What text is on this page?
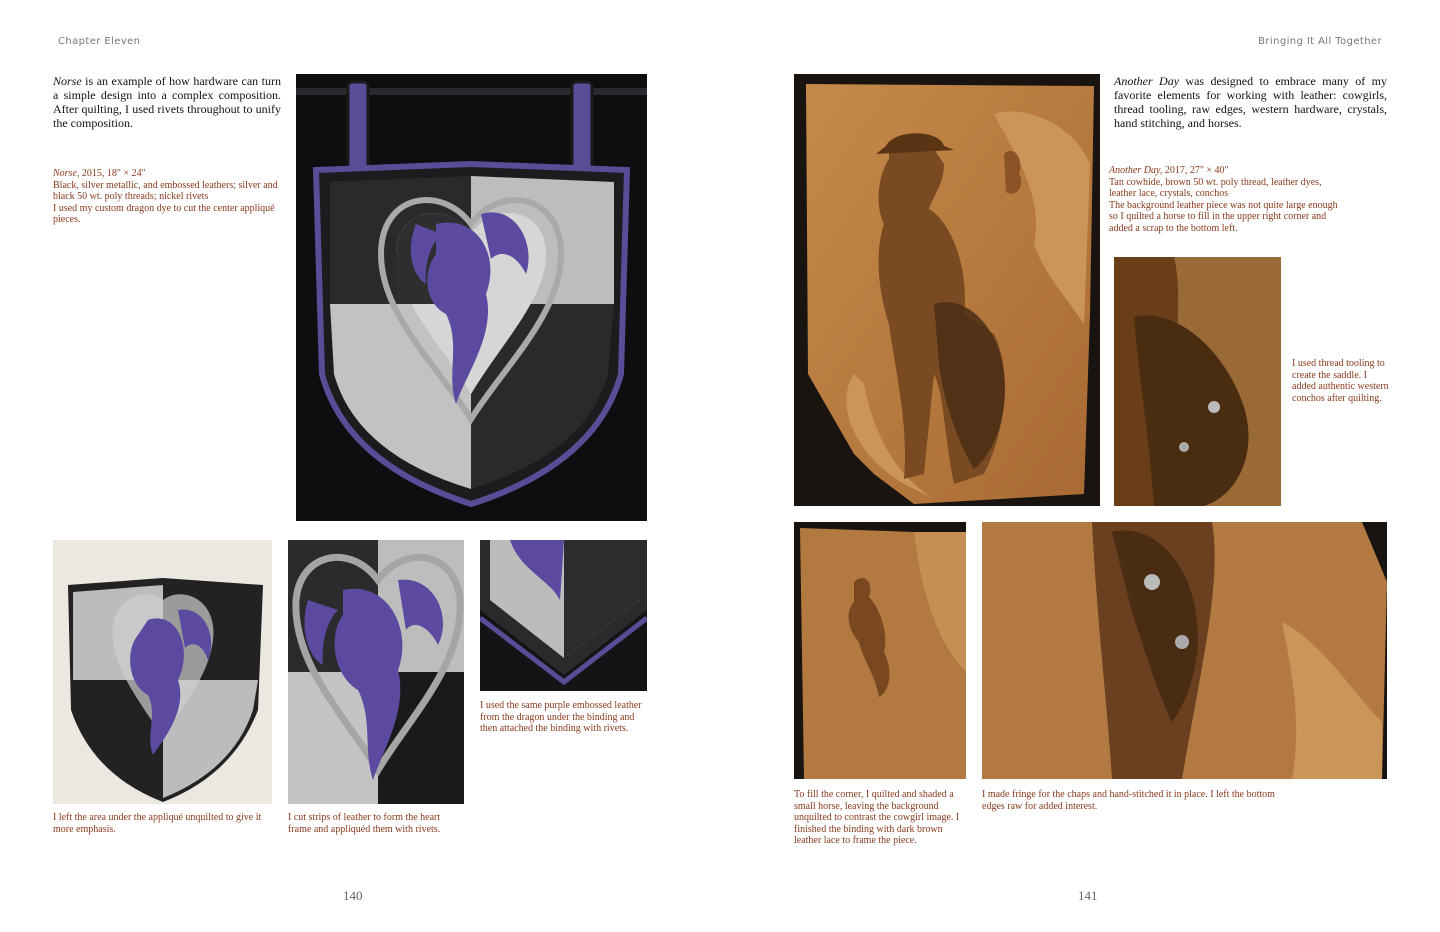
Chapter Eleven	Bringing It All Together
Norse is an example of how hardware can turn a simple design into a complex composition. After quilting, I used rivets throughout to unify the composition.
Norse, 2015, 18" × 24"
Black, silver metallic, and embossed leathers; silver and black 50 wt. poly threads; nickel rivets
I used my custom dragon dye to cut the center appliqué pieces.
I left the area under the appliqué unquilted to give it more emphasis.
I cut strips of leather to form the heart frame and appliquéd them with rivets.
I used the same purple embossed leather from the dragon under the binding and then attached the binding with rivets.
140
Another Day was designed to embrace many of my favorite elements for working with leather: cowgirls, thread tooling, raw edges, western hardware, crystals, hand stitching, and horses.
Another Day, 2017, 27" × 40"
Tan cowhide, brown 50 wt. poly thread, leather dyes, leather lace, crystals, conchos
The background leather piece was not quite large enough so I quilted a horse to fill in the upper right corner and added a scrap to the bottom left.
I used thread tooling to create the saddle. I added authentic western conchos after quilting.
To fill the corner, I quilted and shaded a small horse, leaving the background unquilted to contrast the cowgirl image. I finished the binding with dark brown leather lace to frame the piece.
I made fringe for the chaps and hand-stitched it in place. I left the bottom edges raw for added interest.
141
